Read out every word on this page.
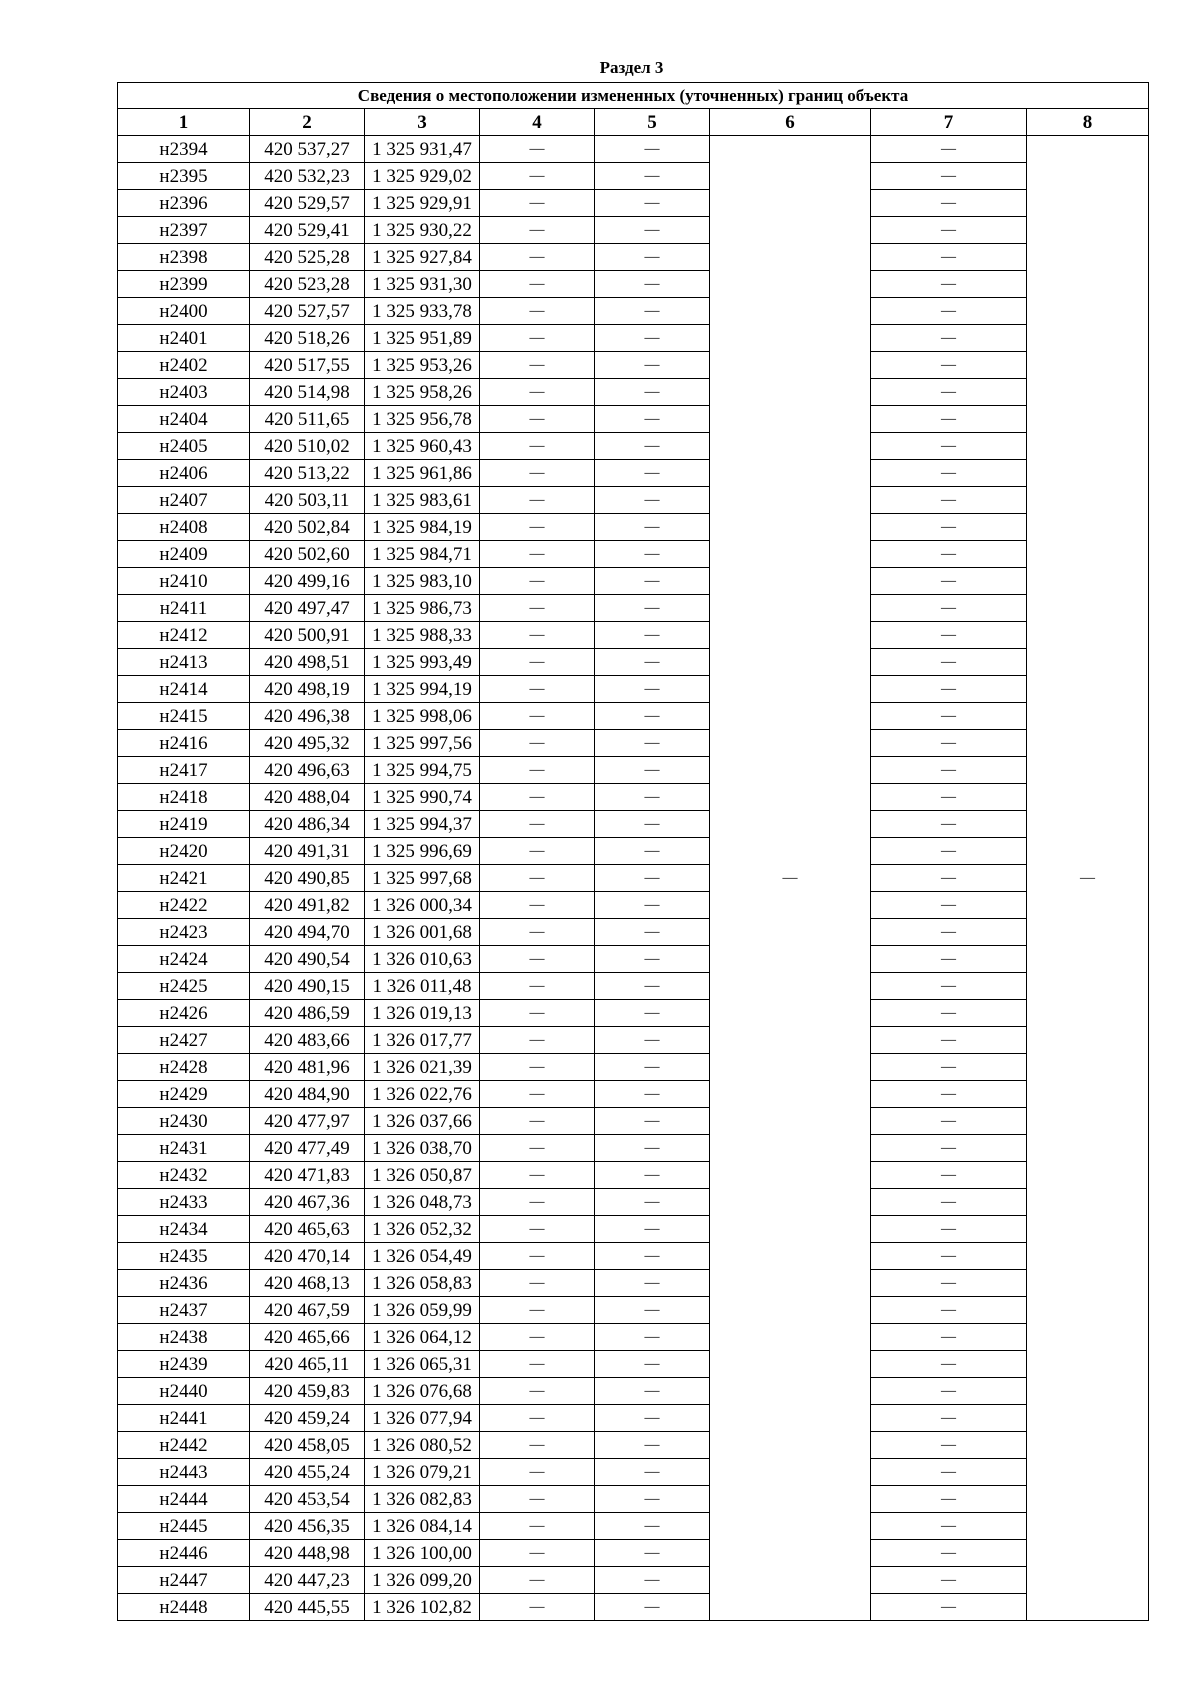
Раздел 3
Сведения о местоположении измененных (уточненных) границ объекта							
1	2	3	4	5	6	7	8
н2394	420 537,27	1 325 931,47	—	—	—	—	—
н2395	420 532,23	1 325 929,02	—	—		—	
н2396	420 529,57	1 325 929,91	—	—		—	
н2397	420 529,41	1 325 930,22	—	—		—	
н2398	420 525,28	1 325 927,84	—	—		—	
н2399	420 523,28	1 325 931,30	—	—		—	
н2400	420 527,57	1 325 933,78	—	—		—	
н2401	420 518,26	1 325 951,89	—	—		—	
н2402	420 517,55	1 325 953,26	—	—		—	
н2403	420 514,98	1 325 958,26	—	—		—	
н2404	420 511,65	1 325 956,78	—	—		—	
н2405	420 510,02	1 325 960,43	—	—		—	
н2406	420 513,22	1 325 961,86	—	—		—	
н2407	420 503,11	1 325 983,61	—	—		—	
н2408	420 502,84	1 325 984,19	—	—		—	
н2409	420 502,60	1 325 984,71	—	—		—	
н2410	420 499,16	1 325 983,10	—	—		—	
н2411	420 497,47	1 325 986,73	—	—		—	
н2412	420 500,91	1 325 988,33	—	—		—	
н2413	420 498,51	1 325 993,49	—	—		—	
н2414	420 498,19	1 325 994,19	—	—		—	
н2415	420 496,38	1 325 998,06	—	—		—	
н2416	420 495,32	1 325 997,56	—	—		—	
н2417	420 496,63	1 325 994,75	—	—		—	
н2418	420 488,04	1 325 990,74	—	—		—	
н2419	420 486,34	1 325 994,37	—	—		—	
н2420	420 491,31	1 325 996,69	—	—		—	
н2421	420 490,85	1 325 997,68	—	—		—	
н2422	420 491,82	1 326 000,34	—	—		—	
н2423	420 494,70	1 326 001,68	—	—		—	
н2424	420 490,54	1 326 010,63	—	—		—	
н2425	420 490,15	1 326 011,48	—	—		—	
н2426	420 486,59	1 326 019,13	—	—		—	
н2427	420 483,66	1 326 017,77	—	—		—	
н2428	420 481,96	1 326 021,39	—	—		—	
н2429	420 484,90	1 326 022,76	—	—		—	
н2430	420 477,97	1 326 037,66	—	—		—	
н2431	420 477,49	1 326 038,70	—	—		—	
н2432	420 471,83	1 326 050,87	—	—		—	
н2433	420 467,36	1 326 048,73	—	—		—	
н2434	420 465,63	1 326 052,32	—	—		—	
н2435	420 470,14	1 326 054,49	—	—		—	
н2436	420 468,13	1 326 058,83	—	—		—	
н2437	420 467,59	1 326 059,99	—	—		—	
н2438	420 465,66	1 326 064,12	—	—		—	
н2439	420 465,11	1 326 065,31	—	—		—	
н2440	420 459,83	1 326 076,68	—	—		—	
н2441	420 459,24	1 326 077,94	—	—		—	
н2442	420 458,05	1 326 080,52	—	—		—	
н2443	420 455,24	1 326 079,21	—	—		—	
н2444	420 453,54	1 326 082,83	—	—		—	
н2445	420 456,35	1 326 084,14	—	—		—	
н2446	420 448,98	1 326 100,00	—	—		—	
н2447	420 447,23	1 326 099,20	—	—		—	
н2448	420 445,55	1 326 102,82	—	—		—	
